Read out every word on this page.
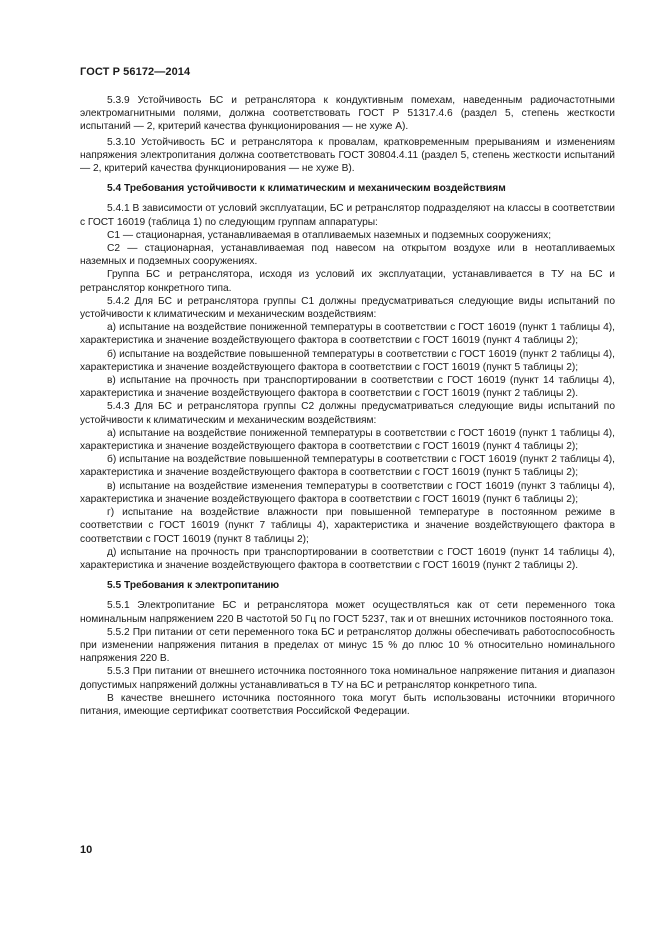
ГОСТ Р 56172—2014

5.3.9 Устойчивость БС и ретранслятора к кондуктивным помехам, наведенным радиочастотными электромагнитными полями, должна соответствовать ГОСТ Р 51317.4.6 (раздел 5, степень жесткости испытаний — 2, критерий качества функционирования — не хуже А).

5.3.10 Устойчивость БС и ретранслятора к провалам, кратковременным прерываниям и изменениям напряжения электропитания должна соответствовать ГОСТ 30804.4.11 (раздел 5, степень жесткости испытаний — 2, критерий качества функционирования — не хуже В).

5.4 Требования устойчивости к климатическим и механическим воздействиям

5.4.1 В зависимости от условий эксплуатации, БС и ретранслятор подразделяют на классы в соответствии с ГОСТ 16019 (таблица 1) по следующим группам аппаратуры:

С1 — стационарная, устанавливаемая в отапливаемых наземных и подземных сооружениях;

С2 — стационарная, устанавливаемая под навесом на открытом воздухе или в неотапливаемых наземных и подземных сооружениях.

Группа БС и ретранслятора, исходя из условий их эксплуатации, устанавливается в ТУ на БС и ретранслятор конкретного типа.

5.4.2 Для БС и ретранслятора группы С1 должны предусматриваться следующие виды испытаний по устойчивости к климатическим и механическим воздействиям:

а) испытание на воздействие пониженной температуры в соответствии с ГОСТ 16019 (пункт 1 таблицы 4), характеристика и значение воздействующего фактора в соответствии с ГОСТ 16019 (пункт 4 таблицы 2);

б) испытание на воздействие повышенной температуры в соответствии с ГОСТ 16019 (пункт 2 таблицы 4), характеристика и значение воздействующего фактора в соответствии с ГОСТ 16019 (пункт 5 таблицы 2);

в) испытание на прочность при транспортировании в соответствии с ГОСТ 16019 (пункт 14 таблицы 4), характеристика и значение воздействующего фактора в соответствии с ГОСТ 16019 (пункт 2 таблицы 2).

5.4.3 Для БС и ретранслятора группы С2 должны предусматриваться следующие виды испытаний по устойчивости к климатическим и механическим воздействиям:

а) испытание на воздействие пониженной температуры в соответствии с ГОСТ 16019 (пункт 1 таблицы 4), характеристика и значение воздействующего фактора в соответствии с ГОСТ 16019 (пункт 4 таблицы 2);

б) испытание на воздействие повышенной температуры в соответствии с ГОСТ 16019 (пункт 2 таблицы 4), характеристика и значение воздействующего фактора в соответствии с ГОСТ 16019 (пункт 5 таблицы 2);

в) испытание на воздействие изменения температуры в соответствии с ГОСТ 16019 (пункт 3 таблицы 4), характеристика и значение воздействующего фактора в соответствии с ГОСТ 16019 (пункт 6 таблицы 2);

г) испытание на воздействие влажности при повышенной температуре в постоянном режиме в соответствии с ГОСТ 16019 (пункт 7 таблицы 4), характеристика и значение воздействующего фактора в соответствии с ГОСТ 16019 (пункт 8 таблицы 2);

д) испытание на прочность при транспортировании в соответствии с ГОСТ 16019 (пункт 14 таблицы 4), характеристика и значение воздействующего фактора в соответствии с ГОСТ 16019 (пункт 2 таблицы 2).

5.5 Требования к электропитанию

5.5.1 Электропитание БС и ретранслятора может осуществляться как от сети переменного тока номинальным напряжением 220 В частотой 50 Гц по ГОСТ 5237, так и от внешних источников постоянного тока.

5.5.2 При питании от сети переменного тока БС и ретранслятор должны обеспечивать работоспособность при изменении напряжения питания в пределах от минус 15 % до плюс 10 % относительно номинального напряжения 220 В.

5.5.3 При питании от внешнего источника постоянного тока номинальное напряжение питания и диапазон допустимых напряжений должны устанавливаться в ТУ на БС и ретранслятор конкретного типа.

В качестве внешнего источника постоянного тока могут быть использованы источники вторичного питания, имеющие сертификат соответствия Российской Федерации.

10
